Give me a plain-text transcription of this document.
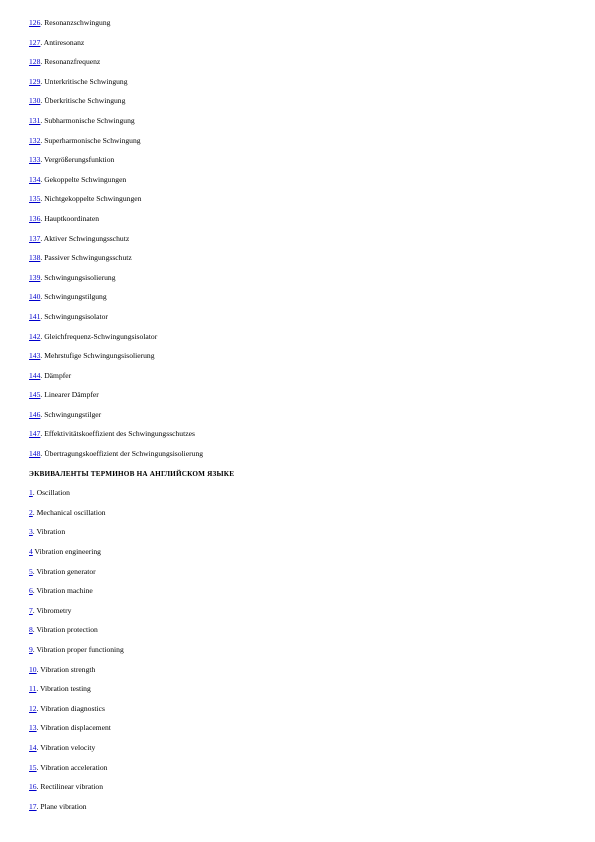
126. Resonanzschwingung
127. Antiresonanz
128. Resonanzfrequenz
129. Unterkritische Schwingung
130. Überkritische Schwingung
131. Subharmonische Schwingung
132. Superharmonische Schwingung
133. Vergrößerungsfunktion
134. Gekoppelte Schwingungen
135. Nichtgekoppelte Schwingungen
136. Hauptkoordinaten
137. Aktiver Schwingungsschutz
138. Passiver Schwingungsschutz
139. Schwingungsisolierung
140. Schwingungstilgung
141. Schwingungsisolator
142. Gleichfrequenz-Schwingungsisolator
143. Mehrstufige Schwingungsisolierung
144. Dämpfer
145. Linearer Dämpfer
146. Schwingungstilger
147. Effektivitätskoeffizient des Schwingungsschutzes
148. Übertragungskoeffizient der Schwingungsisolierung
ЭКВИВАЛЕНТЫ ТЕРМИНОВ НА АНГЛИЙСКОМ ЯЗЫКЕ
1. Oscillation
2. Mechanical oscillation
3. Vibration
4 Vibration engineering
5. Vibration generator
6. Vibration machine
7. Vibrometry
8. Vibration protection
9. Vibration proper functioning
10. Vibration strength
11. Vibration testing
12. Vibration diagnostics
13. Vibration displacement
14. Vibration velocity
15. Vibration acceleration
16. Rectilinear vibration
17. Plane vibration
